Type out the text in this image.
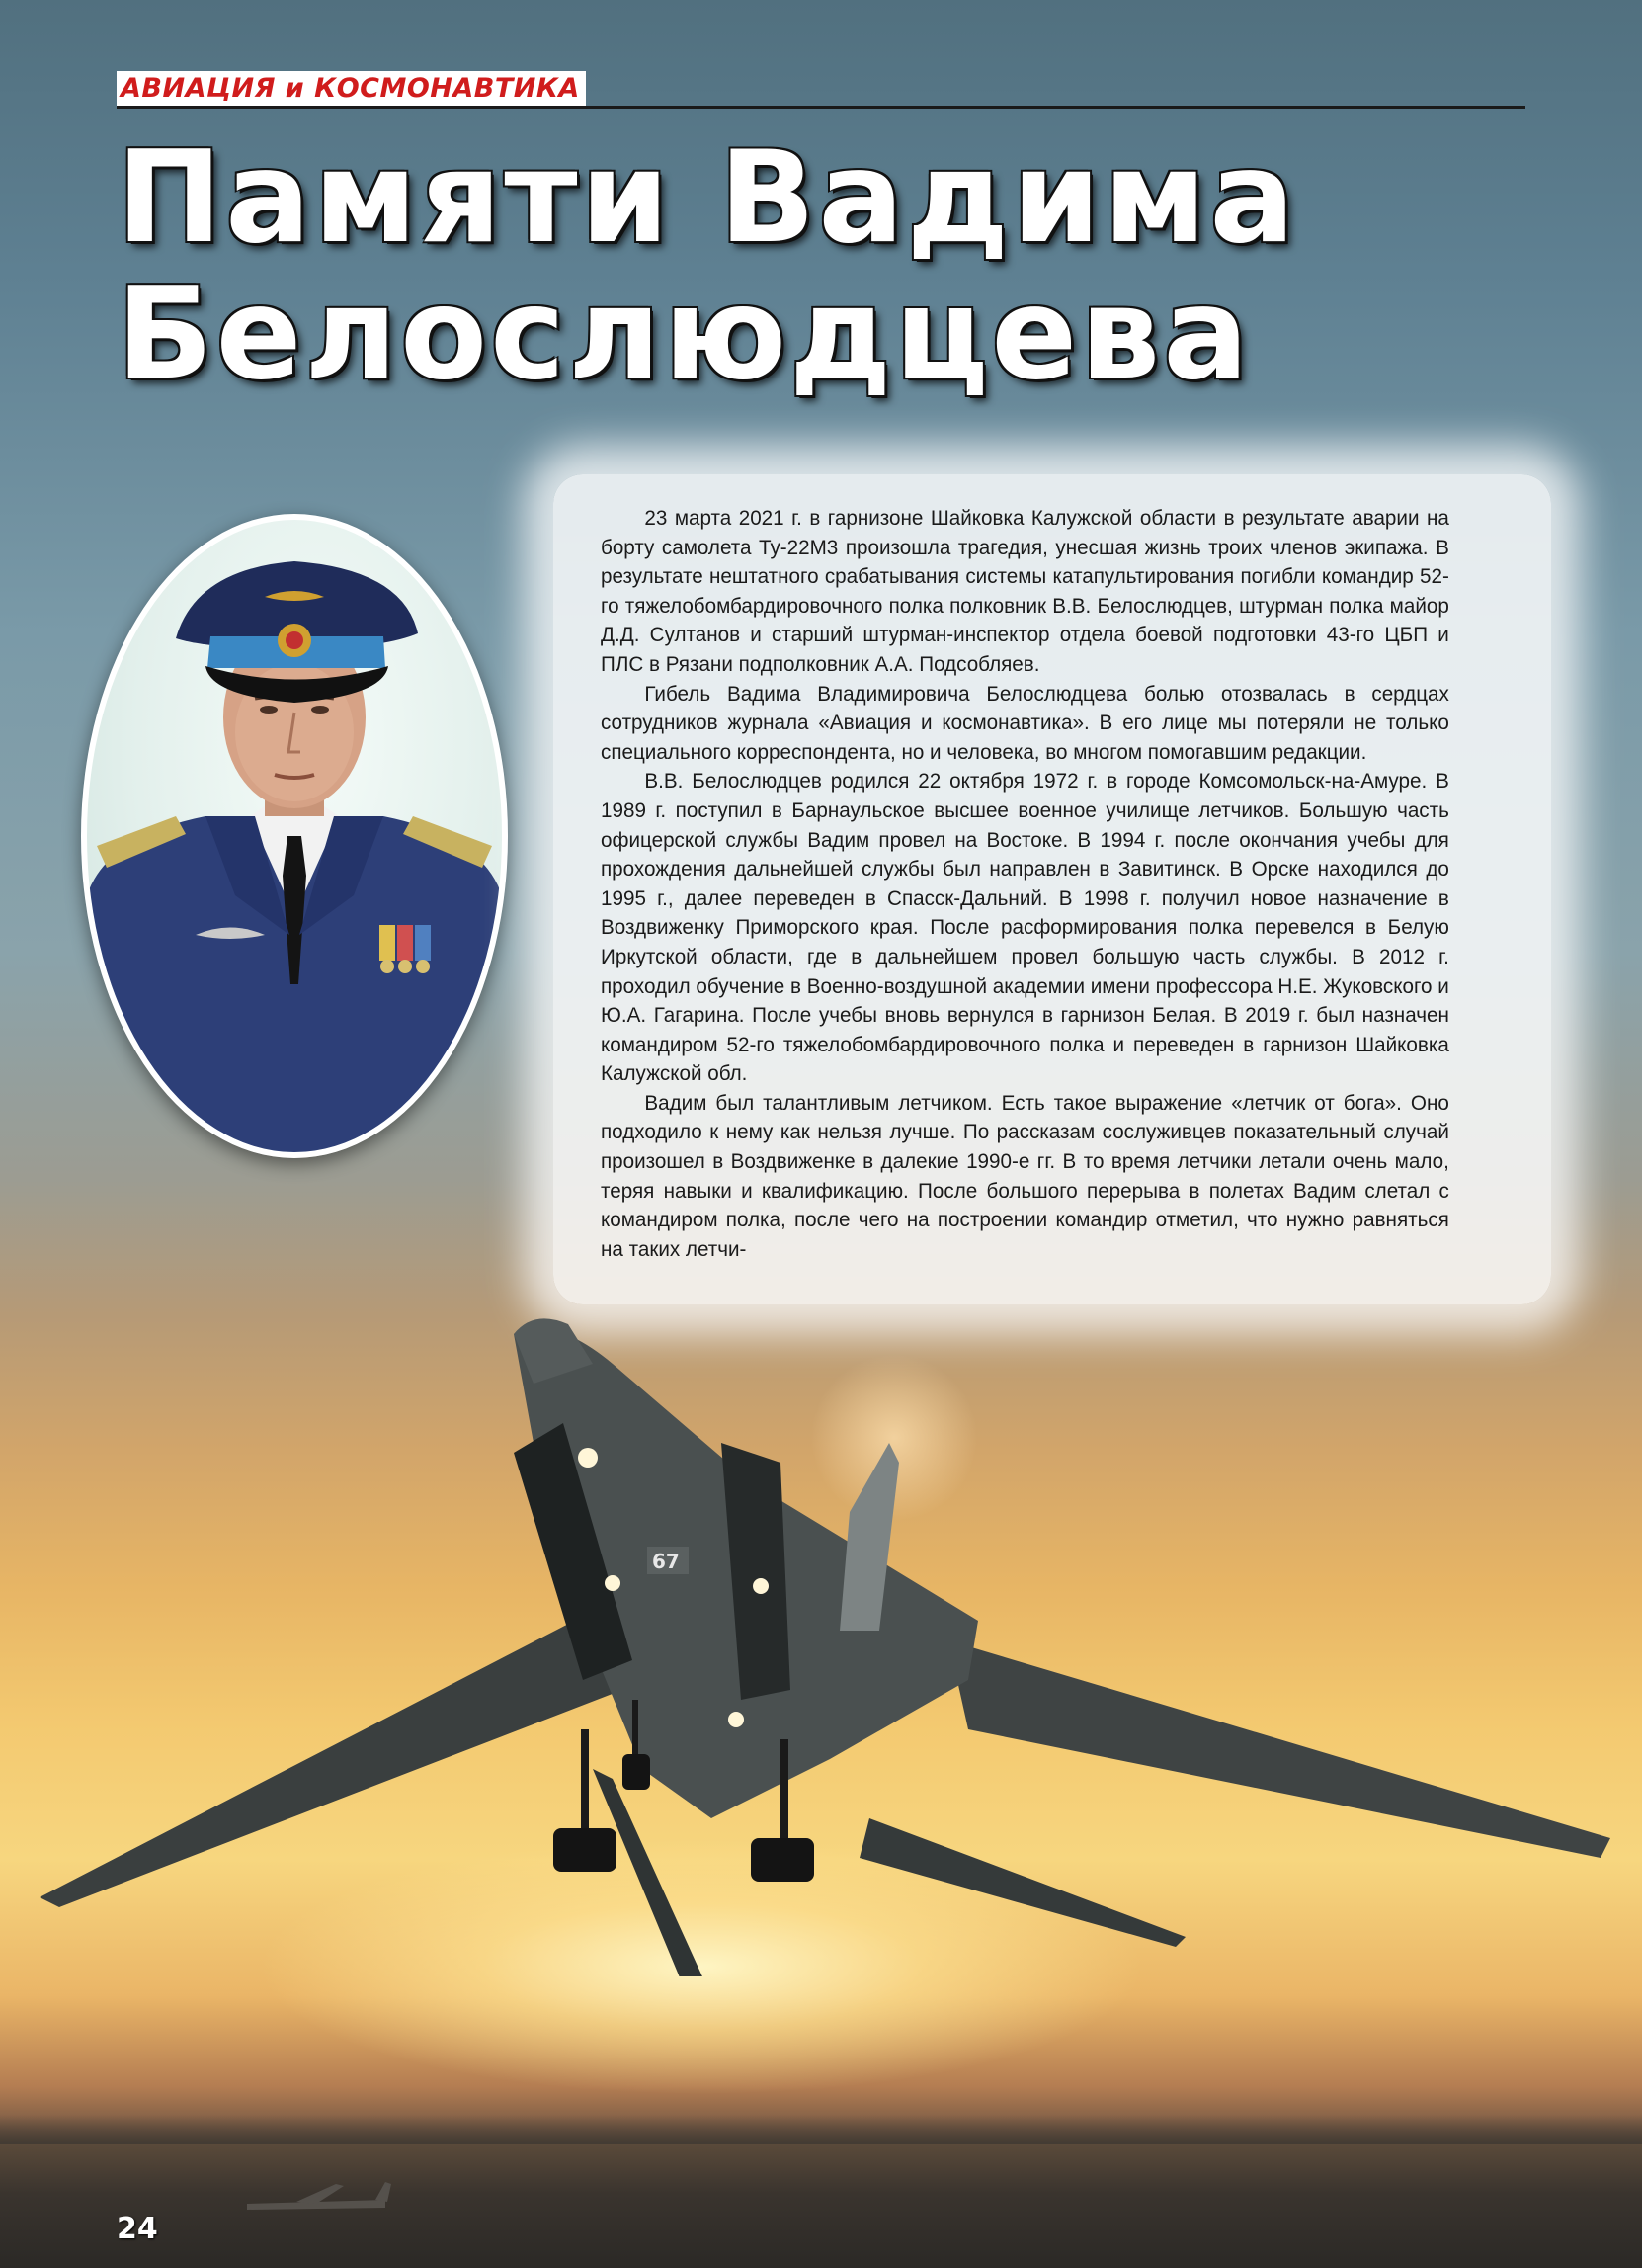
АВИАЦИЯ и КОСМОНАВТИКА
Памяти Вадима
Белослюдцева

23 марта 2021 г. в гарнизоне Шайковка Калужской области в результате аварии на борту самолета Ту-22М3 произошла трагедия, унесшая жизнь троих членов экипажа. В результате нештатного срабатывания системы катапультирования погибли командир 52-го тяжелобомбардировочного полка полковник В.В. Белослюдцев, штурман полка майор Д.Д. Султанов и старший штурман-инспектор отдела боевой подготовки 43-го ЦБП и ПЛС в Рязани подполковник А.А. Подсобляев.

Гибель Вадима Владимировича Белослюдцева болью отозвалась в сердцах сотрудников журнала «Авиация и космонавтика». В его лице мы потеряли не только специального корреспондента, но и человека, во многом помогавшим редакции.

В.В. Белослюдцев родился 22 октября 1972 г. в городе Комсомольск-на-Амуре. В 1989 г. поступил в Барнаульское высшее военное училище летчиков. Большую часть офицерской службы Вадим провел на Востоке. В 1994 г. после окончания учебы для прохождения дальнейшей службы был направлен в Завитинск. В Орске находился до 1995 г., далее переведен в Спасск-Дальний. В 1998 г. получил новое назначение в Воздвиженку Приморского края. После расформирования полка перевелся в Белую Иркутской области, где в дальнейшем провел большую часть службы. В 2012 г. проходил обучение в Военно-воздушной академии имени профессора Н.Е. Жуковского и Ю.А. Гагарина. После учебы вновь вернулся в гарнизон Белая. В 2019 г. был назначен командиром 52-го тяжелобомбардировочного полка и переведен в гарнизон Шайковка Калужской обл.

Вадим был талантливым летчиком. Есть такое выражение «летчик от бога». Оно подходило к нему как нельзя лучше. По рассказам сослуживцев показательный случай произошел в Воздвиженке в далекие 1990-е гг. В то время летчики летали очень мало, теряя навыки и квалификацию. После большого перерыва в полетах Вадим слетал с командиром полка, после чего на построении командир отметил, что нужно равняться на таких летчи-

67
24
